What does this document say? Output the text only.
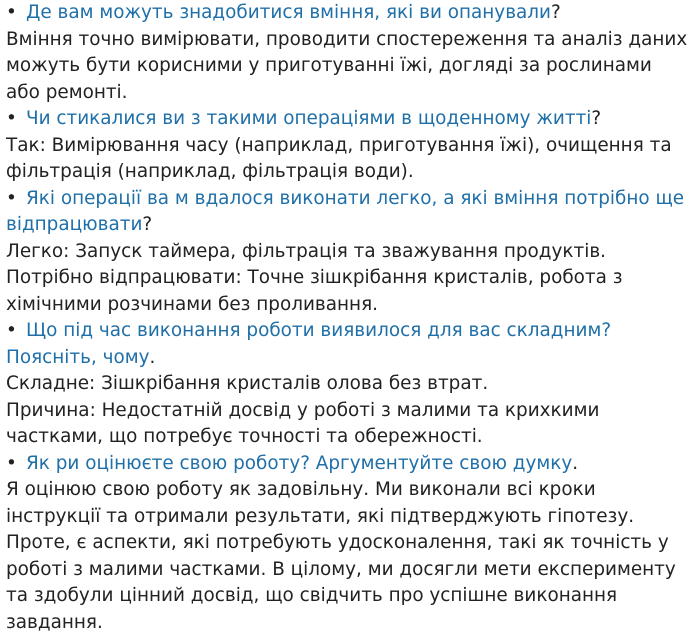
• Де вам можуть знадобитися вміння, які ви опанували?

Вміння точно вимірювати, проводити спостереження та аналіз даних можуть бути корисними у приготуванні їжі, догляді за рослинами або ремонті.

• Чи стикалися ви з такими операціями в щоденному житті?

Так: Вимірювання часу (наприклад, приготування їжі), очищення та фільтрація (наприклад, фільтрація води).

• Які операції ва м вдалося виконати легко, а які вміння потрібно ще відпрацювати?

Легко: Запуск таймера, фільтрація та зважування продуктів.

Потрібно відпрацювати: Точне зішкрібання кристалів, робота з хімічними розчинами без проливання.

• Що під час виконання роботи виявилося для вас складним? Поясніть, чому.

Складне: Зішкрібання кристалів олова без втрат.

Причина: Недостатній досвід у роботі з малими та крихкими частками, що потребує точності та обережності.

• Як ри оцінюєте свою роботу? Аргументуйте свою думку.

Я оцінюю свою роботу як задовільну. Ми виконали всі кроки інструкції та отримали результати, які підтверджують гіпотезу.

Проте, є аспекти, які потребують удосконалення, такі як точність у роботі з малими частками. В цілому, ми досягли мети експерименту та здобули цінний досвід, що свідчить про успішне виконання завдання.
